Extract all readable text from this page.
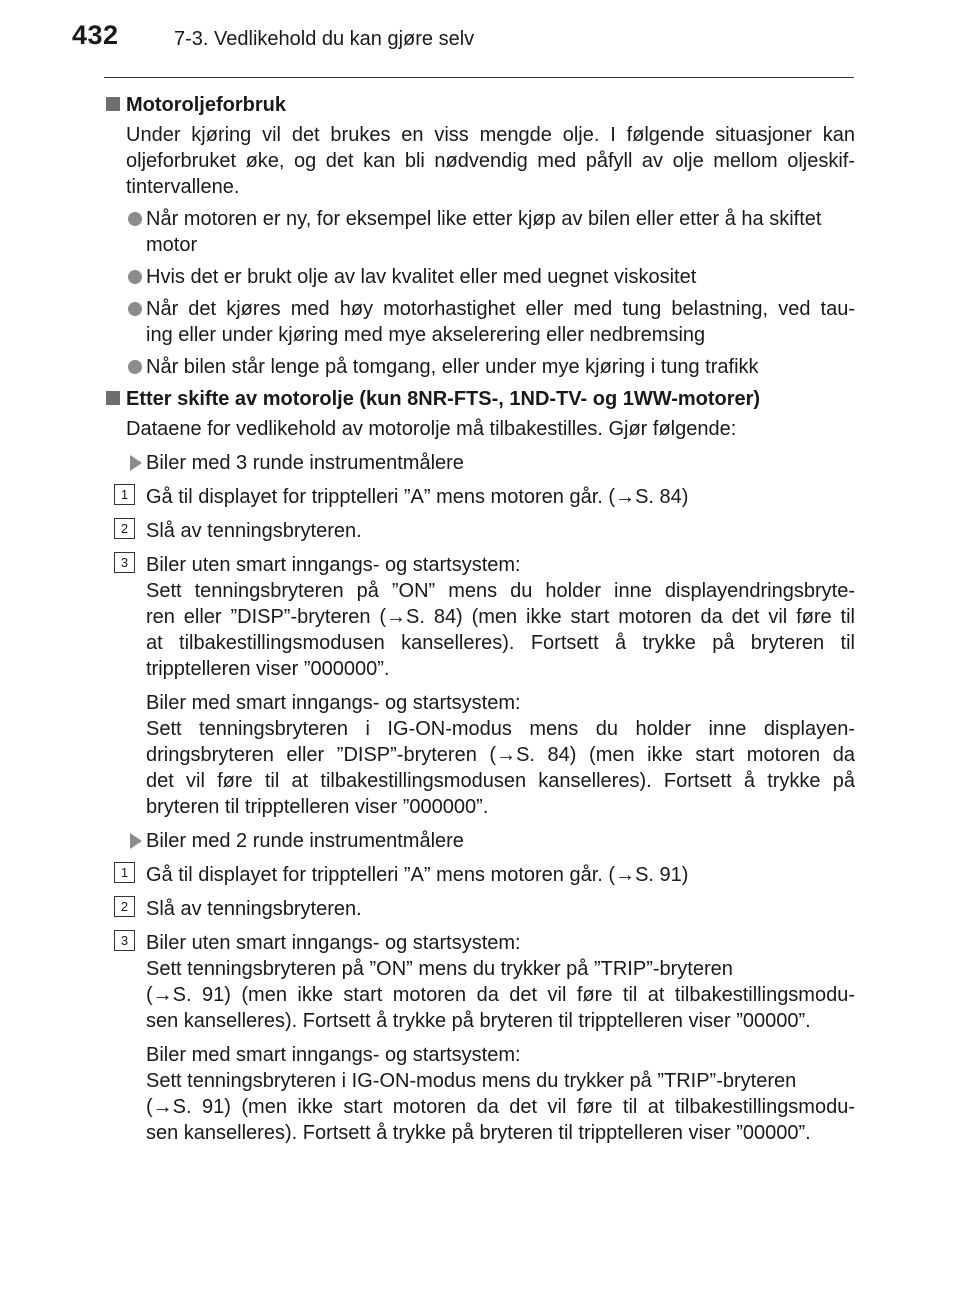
432	7-3. Vedlikehold du kan gjøre selv
Motoroljeforbruk
Under kjøring vil det brukes en viss mengde olje. I følgende situasjoner kan
oljeforbruket øke, og det kan bli nødvendig med påfyll av olje mellom oljeskif-
tintervallene.
Når motoren er ny, for eksempel like etter kjøp av bilen eller etter å ha skiftet
motor
Hvis det er brukt olje av lav kvalitet eller med uegnet viskositet
Når det kjøres med høy motorhastighet eller med tung belastning, ved tau-
ing eller under kjøring med mye akselerering eller nedbremsing
Når bilen står lenge på tomgang, eller under mye kjøring i tung trafikk
Etter skifte av motorolje (kun 8NR-FTS-, 1ND-TV- og 1WW-motorer)
Dataene for vedlikehold av motorolje må tilbakestilles. Gjør følgende:
Biler med 3 runde instrumentmålere
1 Gå til displayet for tripptelleri ”A” mens motoren går. (→S. 84)
2 Slå av tenningsbryteren.
3 Biler uten smart inngangs- og startsystem:
Sett tenningsbryteren på ”ON” mens du holder inne displayendringsbryte-
ren eller ”DISP”-bryteren (→S. 84) (men ikke start motoren da det vil føre til
at tilbakestillingsmodusen kanselleres). Fortsett å trykke på bryteren til
tripptelleren viser ”000000”.
Biler med smart inngangs- og startsystem:
Sett tenningsbryteren i IG-ON-modus mens du holder inne displayen-
dringsbryteren eller ”DISP”-bryteren (→S. 84) (men ikke start motoren da
det vil føre til at tilbakestillingsmodusen kanselleres). Fortsett å trykke på
bryteren til tripptelleren viser ”000000”.
Biler med 2 runde instrumentmålere
1 Gå til displayet for tripptelleri ”A” mens motoren går. (→S. 91)
2 Slå av tenningsbryteren.
3 Biler uten smart inngangs- og startsystem:
Sett tenningsbryteren på ”ON” mens du trykker på ”TRIP”-bryteren
(→S. 91) (men ikke start motoren da det vil føre til at tilbakestillingsmodu-
sen kanselleres). Fortsett å trykke på bryteren til tripptelleren viser ”00000”.
Biler med smart inngangs- og startsystem:
Sett tenningsbryteren i IG-ON-modus mens du trykker på ”TRIP”-bryteren
(→S. 91) (men ikke start motoren da det vil føre til at tilbakestillingsmodu-
sen kanselleres). Fortsett å trykke på bryteren til tripptelleren viser ”00000”.
